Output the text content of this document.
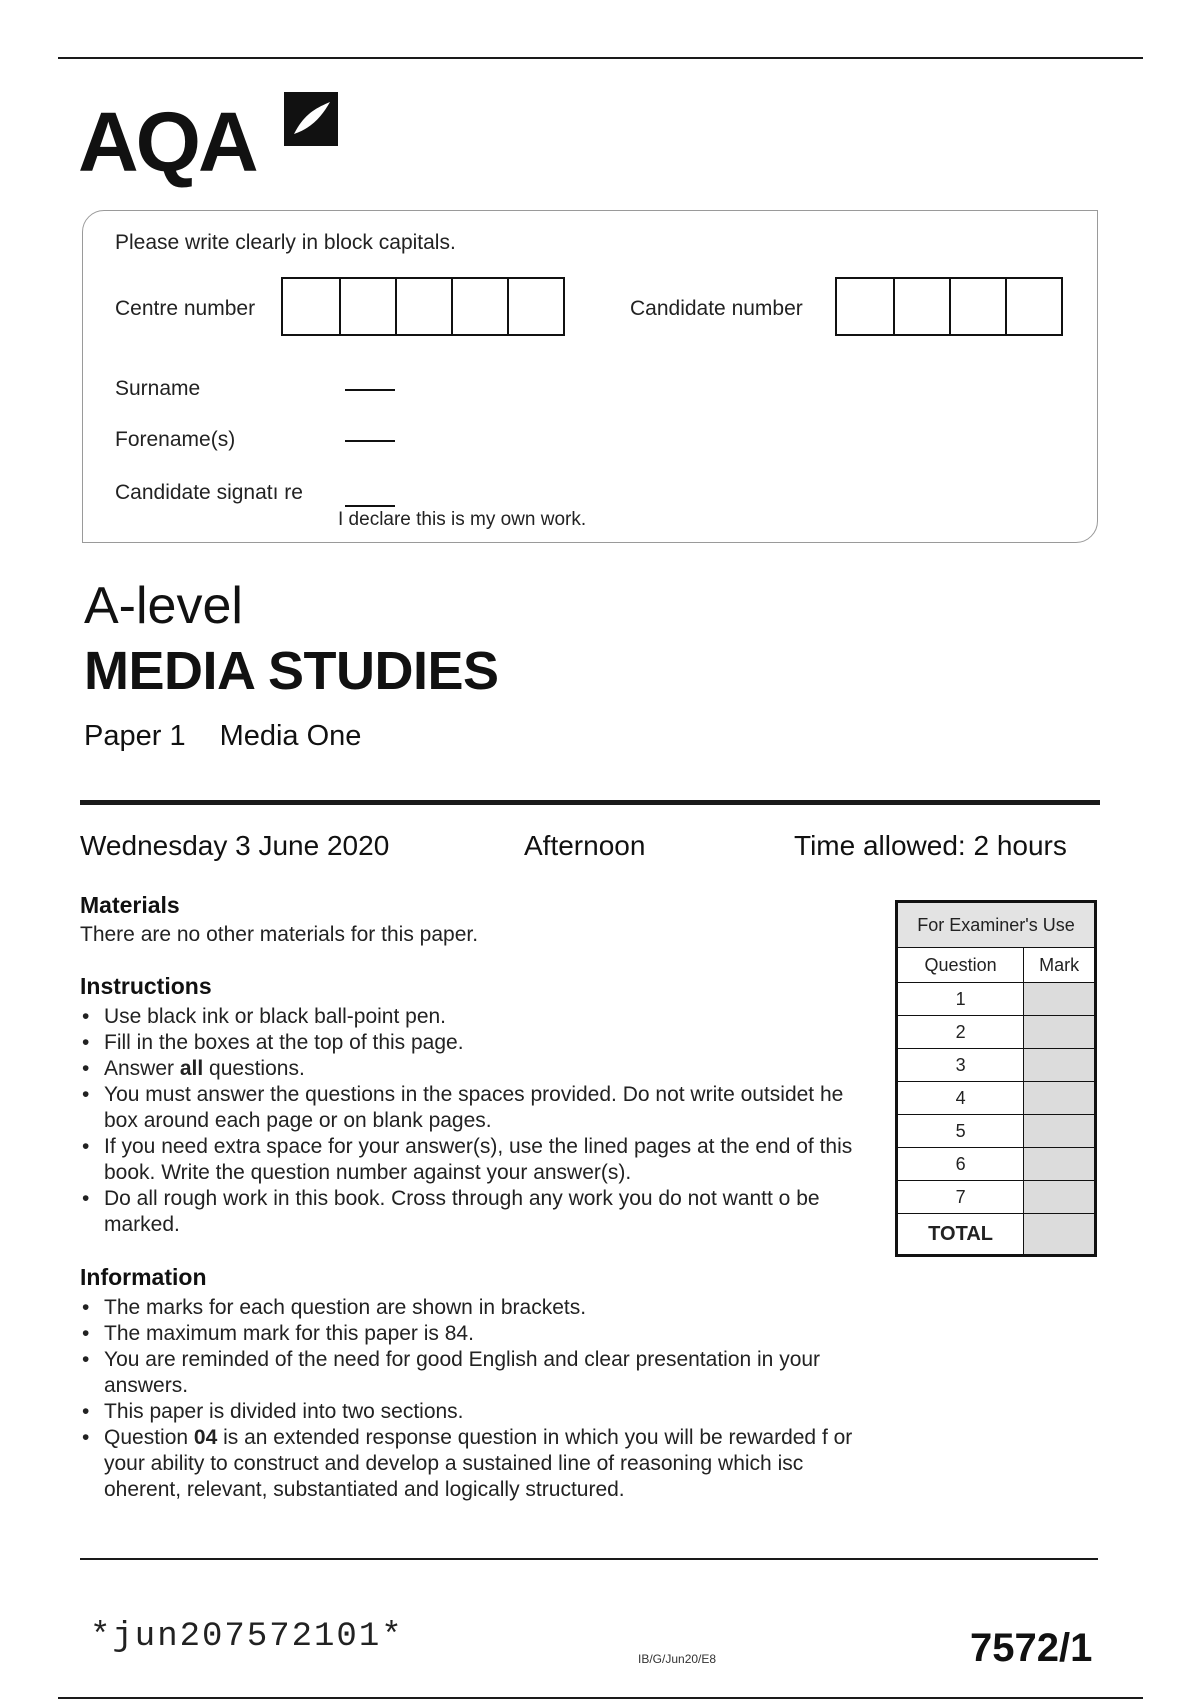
AQA
Please write clearly in block capitals.
Centre number	Candidate number
Surname
Forename(s)
Candidate signatı re
I declare this is my own work.
A-level
MEDIA STUDIES
Paper 1 Media One
Wednesday 3 June 2020	Afternoon	Time allowed: 2 hours
Materials
There are no other materials for this paper.
Instructions
• Use black ink or black ball-point pen.
• Fill in the boxes at the top of this page.
• Answer all questions.
• You must answer the questions in the spaces provided. Do not write outsidet he box around each page or on blank pages.
• If you need extra space for your answer(s), use the lined pages at the end of this book. Write the question number against your answer(s).
• Do all rough work in this book. Cross through any work you do not wantt o be marked.
Information
• The marks for each question are shown in brackets.
• The maximum mark for this paper is 84.
• You are reminded of the need for good English and clear presentation in your answers.
• This paper is divided into two sections.
• Question 04 is an extended response question in which you will be rewarded f or your ability to construct and develop a sustained line of reasoning which isc oherent, relevant, substantiated and logically structured.
For Examiner's Use	
Question	Mark
1	
2	
3	
4	
5	
6	
7	
TOTAL	
*jun207572101*
IB/G/Jun20/E8	7572/1
